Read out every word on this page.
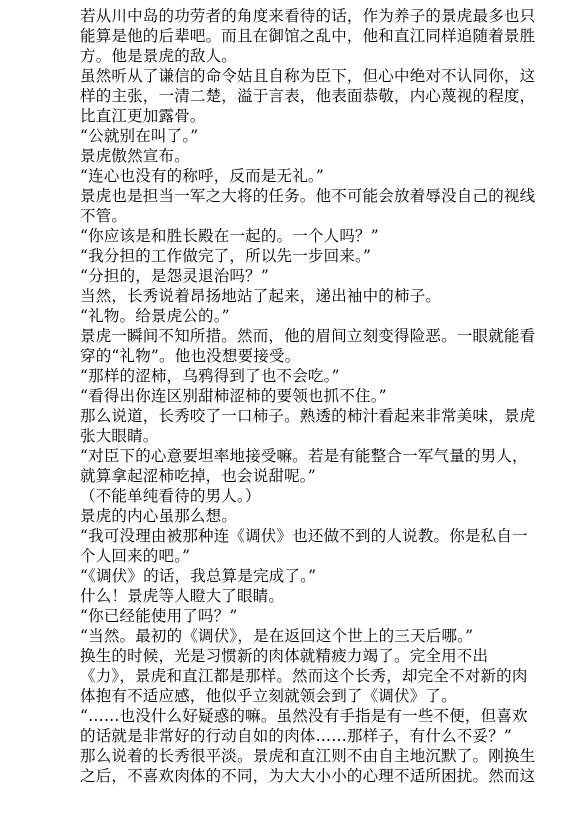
若从川中岛的功劳者的角度来看待的话，作为养子的景虎最多也只
能算是他的后辈吧。而且在御馆之乱中，他和直江同样追随着景胜
方。他是景虎的敌人。
虽然听从了谦信的命令姑且自称为臣下，但心中绝对不认同你，这
样的主张，一清二楚，溢于言表，他表面恭敬，内心蔑视的程度，
比直江更加露骨。
“公就别在叫了。”
景虎傲然宣布。
“连心也没有的称呼，反而是无礼。”
景虎也是担当一军之大将的任务。他不可能会放着辱没自己的视线
不管。
“你应该是和胜长殿在一起的。一个人吗？”
“我分担的工作做完了，所以先一步回来。”
“分担的，是怨灵退治吗？”
当然，长秀说着昂扬地站了起来，递出袖中的柿子。
“礼物。给景虎公的。”
景虎一瞬间不知所措。然而，他的眉间立刻变得险恶。一眼就能看
穿的“礼物”。他也没想要接受。
“那样的涩柿，乌鸦得到了也不会吃。”
“看得出你连区别甜柿涩柿的要领也抓不住。”
那么说道，长秀咬了一口柿子。熟透的柿汁看起来非常美味，景虎
张大眼睛。
“对臣下的心意要坦率地接受嘛。若是有能整合一军气量的男人，
就算拿起涩柿吃掉，也会说甜呢。”
（不能单纯看待的男人。）
景虎的内心虽那么想。
“我可没理由被那种连《调伏》也还做不到的人说教。你是私自一
个人回来的吧。”
“《调伏》的话，我总算是完成了。”
什么！景虎等人瞪大了眼睛。
“你已经能使用了吗？”
“当然。最初的《调伏》，是在返回这个世上的三天后哪。”
换生的时候，光是习惯新的肉体就精疲力竭了。完全用不出
《力》，景虎和直江都是那样。然而这个长秀，却完全不对新的肉
体抱有不适应感，他似乎立刻就领会到了《调伏》了。
“……也没什么好疑惑的嘛。虽然没有手指是有一些不便，但喜欢
的话就是非常好的行动自如的肉体……那样子，有什么不妥？”
那么说着的长秀很平淡。景虎和直江则不由自主地沉默了。刚换生
之后，不喜欢肉体的不同，为大大小小的心理不适所困扰。然而这
